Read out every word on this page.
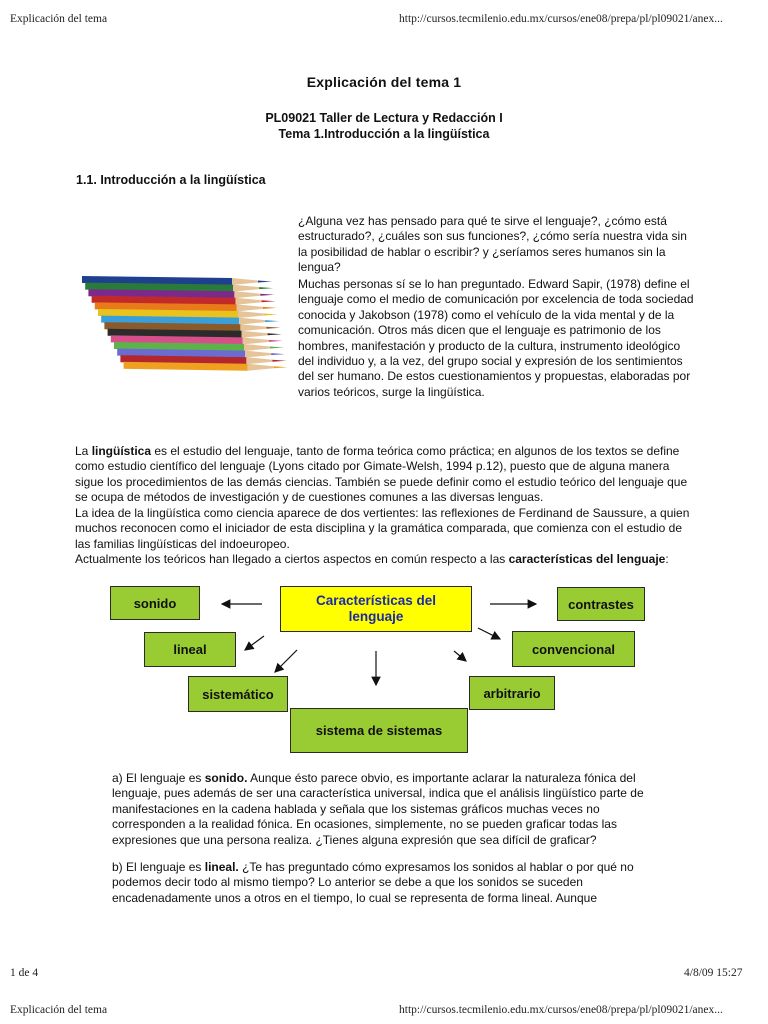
Explicación del tema	http://cursos.tecmilenio.edu.mx/cursos/ene08/prepa/pl/pl09021/anex...
Explicación del tema 1
PL09021 Taller de Lectura y Redacción I
Tema 1.Introducción a la lingüística
1.1. Introducción a la lingüística
¿Alguna vez has pensado para qué te sirve el lenguaje?, ¿cómo está estructurado?, ¿cuáles son sus funciones?, ¿cómo sería nuestra vida sin la posibilidad de hablar o escribir? y ¿seríamos seres humanos sin la lengua?
Muchas personas sí se lo han preguntado. Edward Sapir, (1978) define el lenguaje como el medio de comunicación por excelencia de toda sociedad conocida y Jakobson (1978) como el vehículo de la vida mental y de la comunicación. Otros más dicen que el lenguaje es patrimonio de los hombres, manifestación y producto de la cultura, instrumento ideológico del individuo y, a la vez, del grupo social y expresión de los sentimientos del ser humano. De estos cuestionamientos y propuestas, elaboradas por varios teóricos, surge la lingüística.
La lingüística es el estudio del lenguaje, tanto de forma teórica como práctica; en algunos de los textos se define como estudio científico del lenguaje (Lyons citado por Gimate-Welsh, 1994 p.12), puesto que de alguna manera sigue los procedimientos de las demás ciencias. También se puede definir como el estudio teórico del lenguaje que se ocupa de métodos de investigación y de cuestiones comunes a las diversas lenguas.
La idea de la lingüística como ciencia aparece de dos vertientes: las reflexiones de Ferdinand de Saussure, a quien muchos reconocen como el iniciador de esta disciplina y la gramática comparada, que comienza con el estudio de las familias lingüísticas del indoeuropeo.
Actualmente los teóricos han llegado a ciertos aspectos en común respecto a las características del lenguaje:
Características del
lenguaje
sonido
lineal
sistemático
sistema de sistemas
arbitrario
convencional
contrastes
a) El lenguaje es sonido. Aunque ésto parece obvio, es importante aclarar la naturaleza fónica del lenguaje, pues además de ser una característica universal, indica que el análisis lingüístico parte de manifestaciones en la cadena hablada y señala que los sistemas gráficos muchas veces no corresponden a la realidad fónica. En ocasiones, simplemente, no se pueden graficar todas las expresiones que una persona realiza. ¿Tienes alguna expresión que sea difícil de graficar?
b) El lenguaje es lineal. ¿Te has preguntado cómo expresamos los sonidos al hablar o por qué no podemos decir todo al mismo tiempo? Lo anterior se debe a que los sonidos se suceden encadenadamente unos a otros en el tiempo, lo cual se representa de forma lineal. Aunque
1 de 4	4/8/09 15:27
Explicación del tema	http://cursos.tecmilenio.edu.mx/cursos/ene08/prepa/pl/pl09021/anex...
